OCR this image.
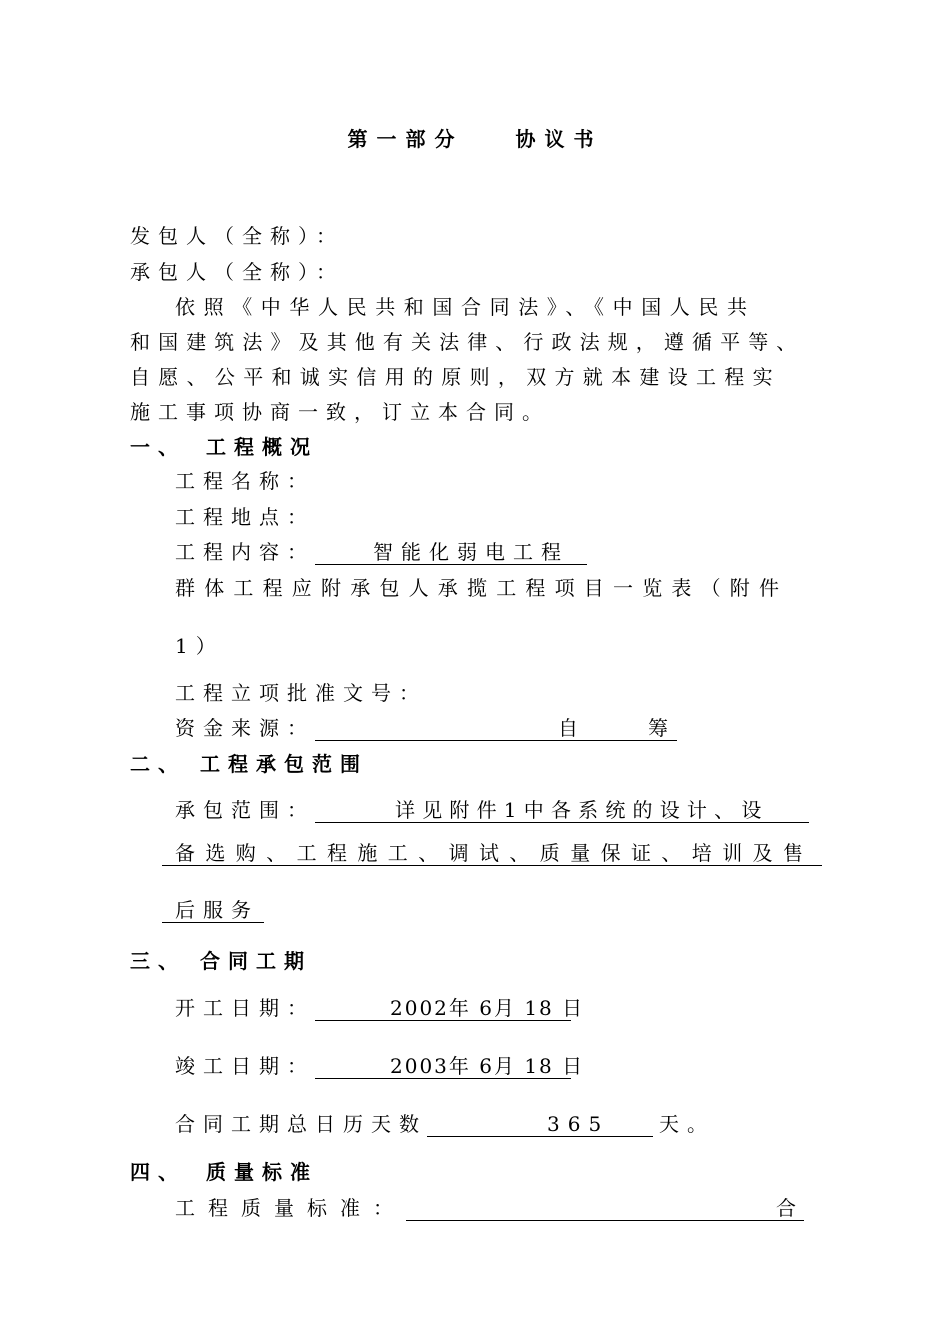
第一部分	协议书
发包人（全称）：
承包人（全称）：
依照《中华人民共和国合同法》、《中国人民共
和国建筑法》及其他有关法律、行政法规，遵循平等、
自愿、公平和诚实信用的原则，双方就本建设工程实
施工事项协商一致，订立本合同。
一、 工程概况
工程名称：
工程地点：
工程内容：	智能化弱电工程
群体工程应附承包人承揽工程项目一览表（附件
1）
工程立项批准文号：
资金来源：	自	筹
二、 工程承包范围
承包范围：	详见附件1中各系统的设计、设
备选购、工程施工、调试、质量保证、培训及售
后服务
三、 合同工期
开工日期：	2002年 6月 18 日
竣工日期：	2003年 6月 18 日
合同工期总日历天数	365 天。
四、 质量标准
工程质量标准：	合
